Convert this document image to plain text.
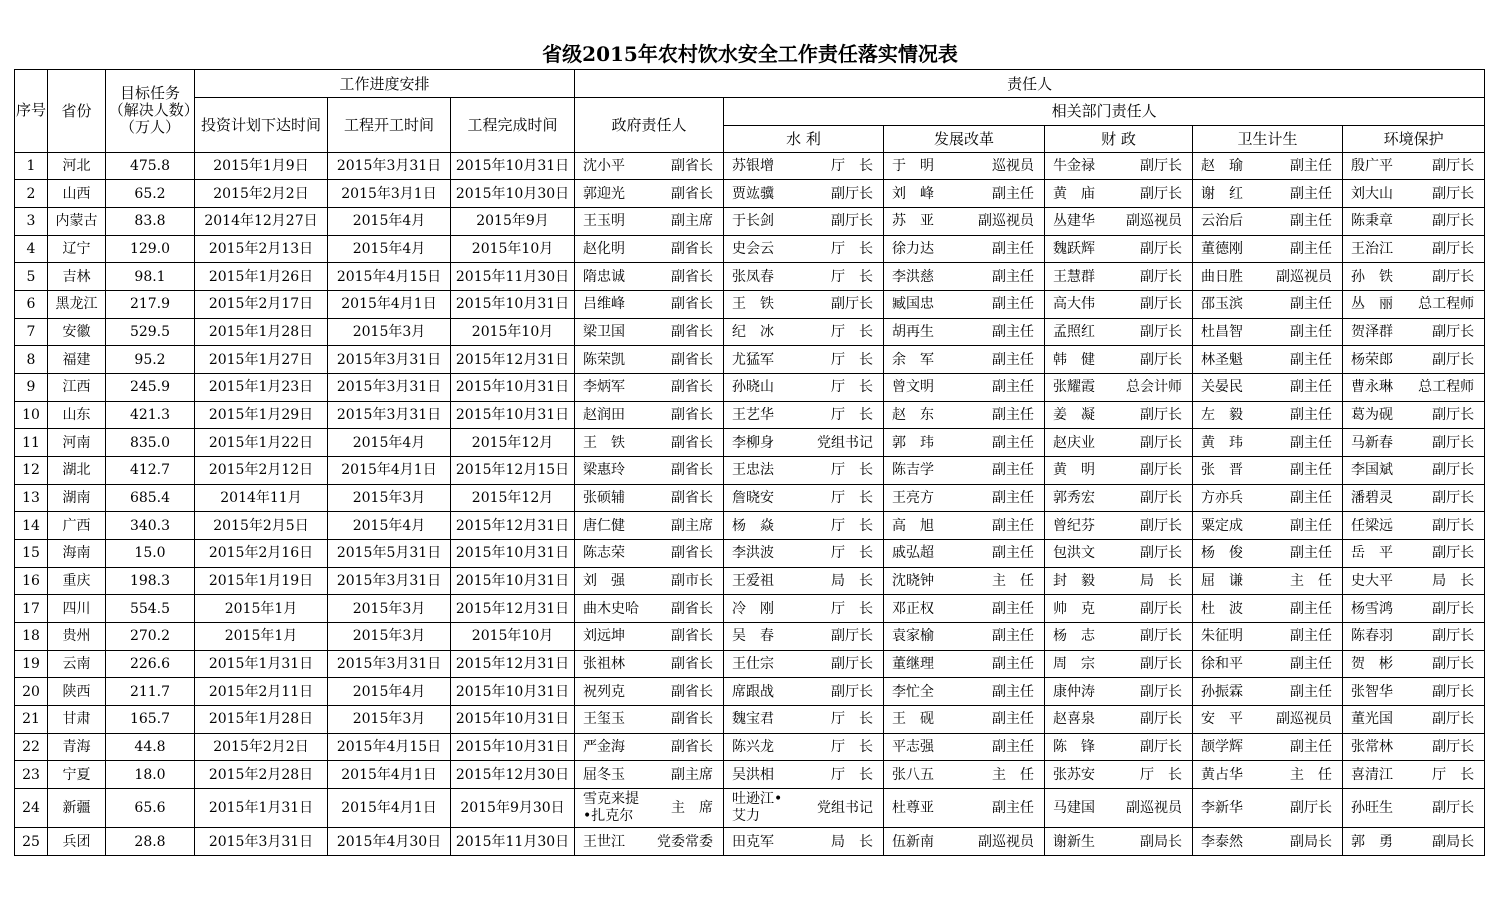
省级2015年农村饮水安全工作责任落实情况表
序号	省份	目标任务（解决人数）（万人）	工作进度安排			责任人					
			投资计划下达时间	工程开工时间	工程完成时间	政府责任人	相关部门责任人				
							水 利	发展改革	财 政	卫生计生	环境保护
1	河北	475.8	2015年1月9日	2015年3月31日	2015年10月31日	沈小平 副省长	苏银增 厅　长	于　明 巡视员	牛金禄 副厅长	赵　瑜 副主任	殷广平 副厅长

2	山西	65.2	2015年2月2日	2015年3月1日	2015年10月30日	郭迎光 副省长	贾竑骥 副厅长	刘　峰 副主任	黄　庙 副厅长	谢　红 副主任	刘大山 副厅长

3	内蒙古	83.8	2014年12月27日	2015年4月	2015年9月	王玉明 副主席	于长剑 副厅长	苏　亚 副巡视员	丛建华 副巡视员	云治后 副主任	陈秉章 副厅长

4	辽宁	129.0	2015年2月13日	2015年4月	2015年10月	赵化明 副省长	史会云 厅　长	徐力达 副主任	魏跃辉 副厅长	董德刚 副主任	王治江 副厅长

5	吉林	98.1	2015年1月26日	2015年4月15日	2015年11月30日	隋忠诚 副省长	张凤春 厅　长	李洪慈 副主任	王慧群 副厅长	曲日胜 副巡视员	孙　铁 副厅长

6	黑龙江	217.9	2015年2月17日	2015年4月1日	2015年10月31日	吕维峰 副省长	王　铁 副厅长	臧国忠 副主任	高大伟 副厅长	邵玉滨 副主任	丛　丽 总工程师

7	安徽	529.5	2015年1月28日	2015年3月	2015年10月	梁卫国 副省长	纪　冰 厅　长	胡再生 副主任	孟照红 副厅长	杜昌智 副主任	贺泽群 副厅长

8	福建	95.2	2015年1月27日	2015年3月31日	2015年12月31日	陈荣凯 副省长	尤猛军 厅　长	余　军 副主任	韩　健 副厅长	林圣魁 副主任	杨荣郎 副厅长

9	江西	245.9	2015年1月23日	2015年3月31日	2015年10月31日	李炳军 副省长	孙晓山 厅　长	曾文明 副主任	张耀霞 总会计师	关晏民 副主任	曹永琳 总工程师

10	山东	421.3	2015年1月29日	2015年3月31日	2015年10月31日	赵润田 副省长	王艺华 厅　长	赵　东 副主任	姜　凝 副厅长	左　毅 副主任	葛为砚 副厅长

11	河南	835.0	2015年1月22日	2015年4月	2015年12月	王　铁 副省长	李柳身 党组书记	郭　玮 副主任	赵庆业 副厅长	黄　玮 副主任	马新春 副厅长

12	湖北	412.7	2015年2月12日	2015年4月1日	2015年12月15日	梁惠玲 副省长	王忠法 厅　长	陈吉学 副主任	黄　明 副厅长	张　晋 副主任	李国斌 副厅长

13	湖南	685.4	2014年11月	2015年3月	2015年12月	张硕辅 副省长	詹晓安 厅　长	王亮方 副主任	郭秀宏 副厅长	方亦兵 副主任	潘碧灵 副厅长

14	广西	340.3	2015年2月5日	2015年4月	2015年12月31日	唐仁健 副主席	杨　焱 厅　长	高　旭 副主任	曾纪芬 副厅长	粟定成 副主任	任梁远 副厅长

15	海南	15.0	2015年2月16日	2015年5月31日	2015年10月31日	陈志荣 副省长	李洪波 厅　长	戚弘超 副主任	包洪文 副厅长	杨　俊 副主任	岳　平 副厅长

16	重庆	198.3	2015年1月19日	2015年3月31日	2015年10月31日	刘　强 副市长	王爱祖 局　长	沈晓钟 主　任	封　毅 局　长	屈　谦 主　任	史大平 局　长

17	四川	554.5	2015年1月	2015年3月	2015年12月31日	曲木史哈 副省长	冷　刚 厅　长	邓正权 副主任	帅　克 副厅长	杜　波 副主任	杨雪鸿 副厅长

18	贵州	270.2	2015年1月	2015年3月	2015年10月	刘远坤 副省长	吴　春 副厅长	袁家榆 副主任	杨　志 副厅长	朱征明 副主任	陈春羽 副厅长

19	云南	226.6	2015年1月31日	2015年3月31日	2015年12月31日	张祖林 副省长	王仕宗 副厅长	董继理 副主任	周　宗 副厅长	徐和平 副主任	贺　彬 副厅长

20	陕西	211.7	2015年2月11日	2015年4月	2015年10月31日	祝列克 副省长	席跟战 副厅长	李忙全 副主任	康仲涛 副厅长	孙振霖 副主任	张智华 副厅长

21	甘肃	165.7	2015年1月28日	2015年3月	2015年10月31日	王玺玉 副省长	魏宝君 厅　长	王　砚 副主任	赵喜泉 副厅长	安　平 副巡视员	董光国 副厅长

22	青海	44.8	2015年2月2日	2015年4月15日	2015年10月31日	严金海 副省长	陈兴龙 厅　长	平志强 副主任	陈　锋 副厅长	颉学辉 副主任	张常林 副厅长

23	宁夏	18.0	2015年2月28日	2015年4月1日	2015年12月30日	屈冬玉 副主席	吴洪相 厅　长	张八五 主　任	张苏安 厅　长	黄占华 主　任	喜清江 厅　长

24	新疆	65.6	2015年1月31日	2015年4月1日	2015年9月30日	雪克来提•扎克尔 主　席	吐逊江•艾力 党组书记	杜尊亚 副主任	马建国 副巡视员	李新华 副厅长	孙旺生 副厅长

25	兵团	28.8	2015年3月31日	2015年4月30日	2015年11月30日	王世江 党委常委	田克军 局　长	伍新南 副巡视员	谢新生 副局长	李泰然 副局长	郭　勇 副局长
